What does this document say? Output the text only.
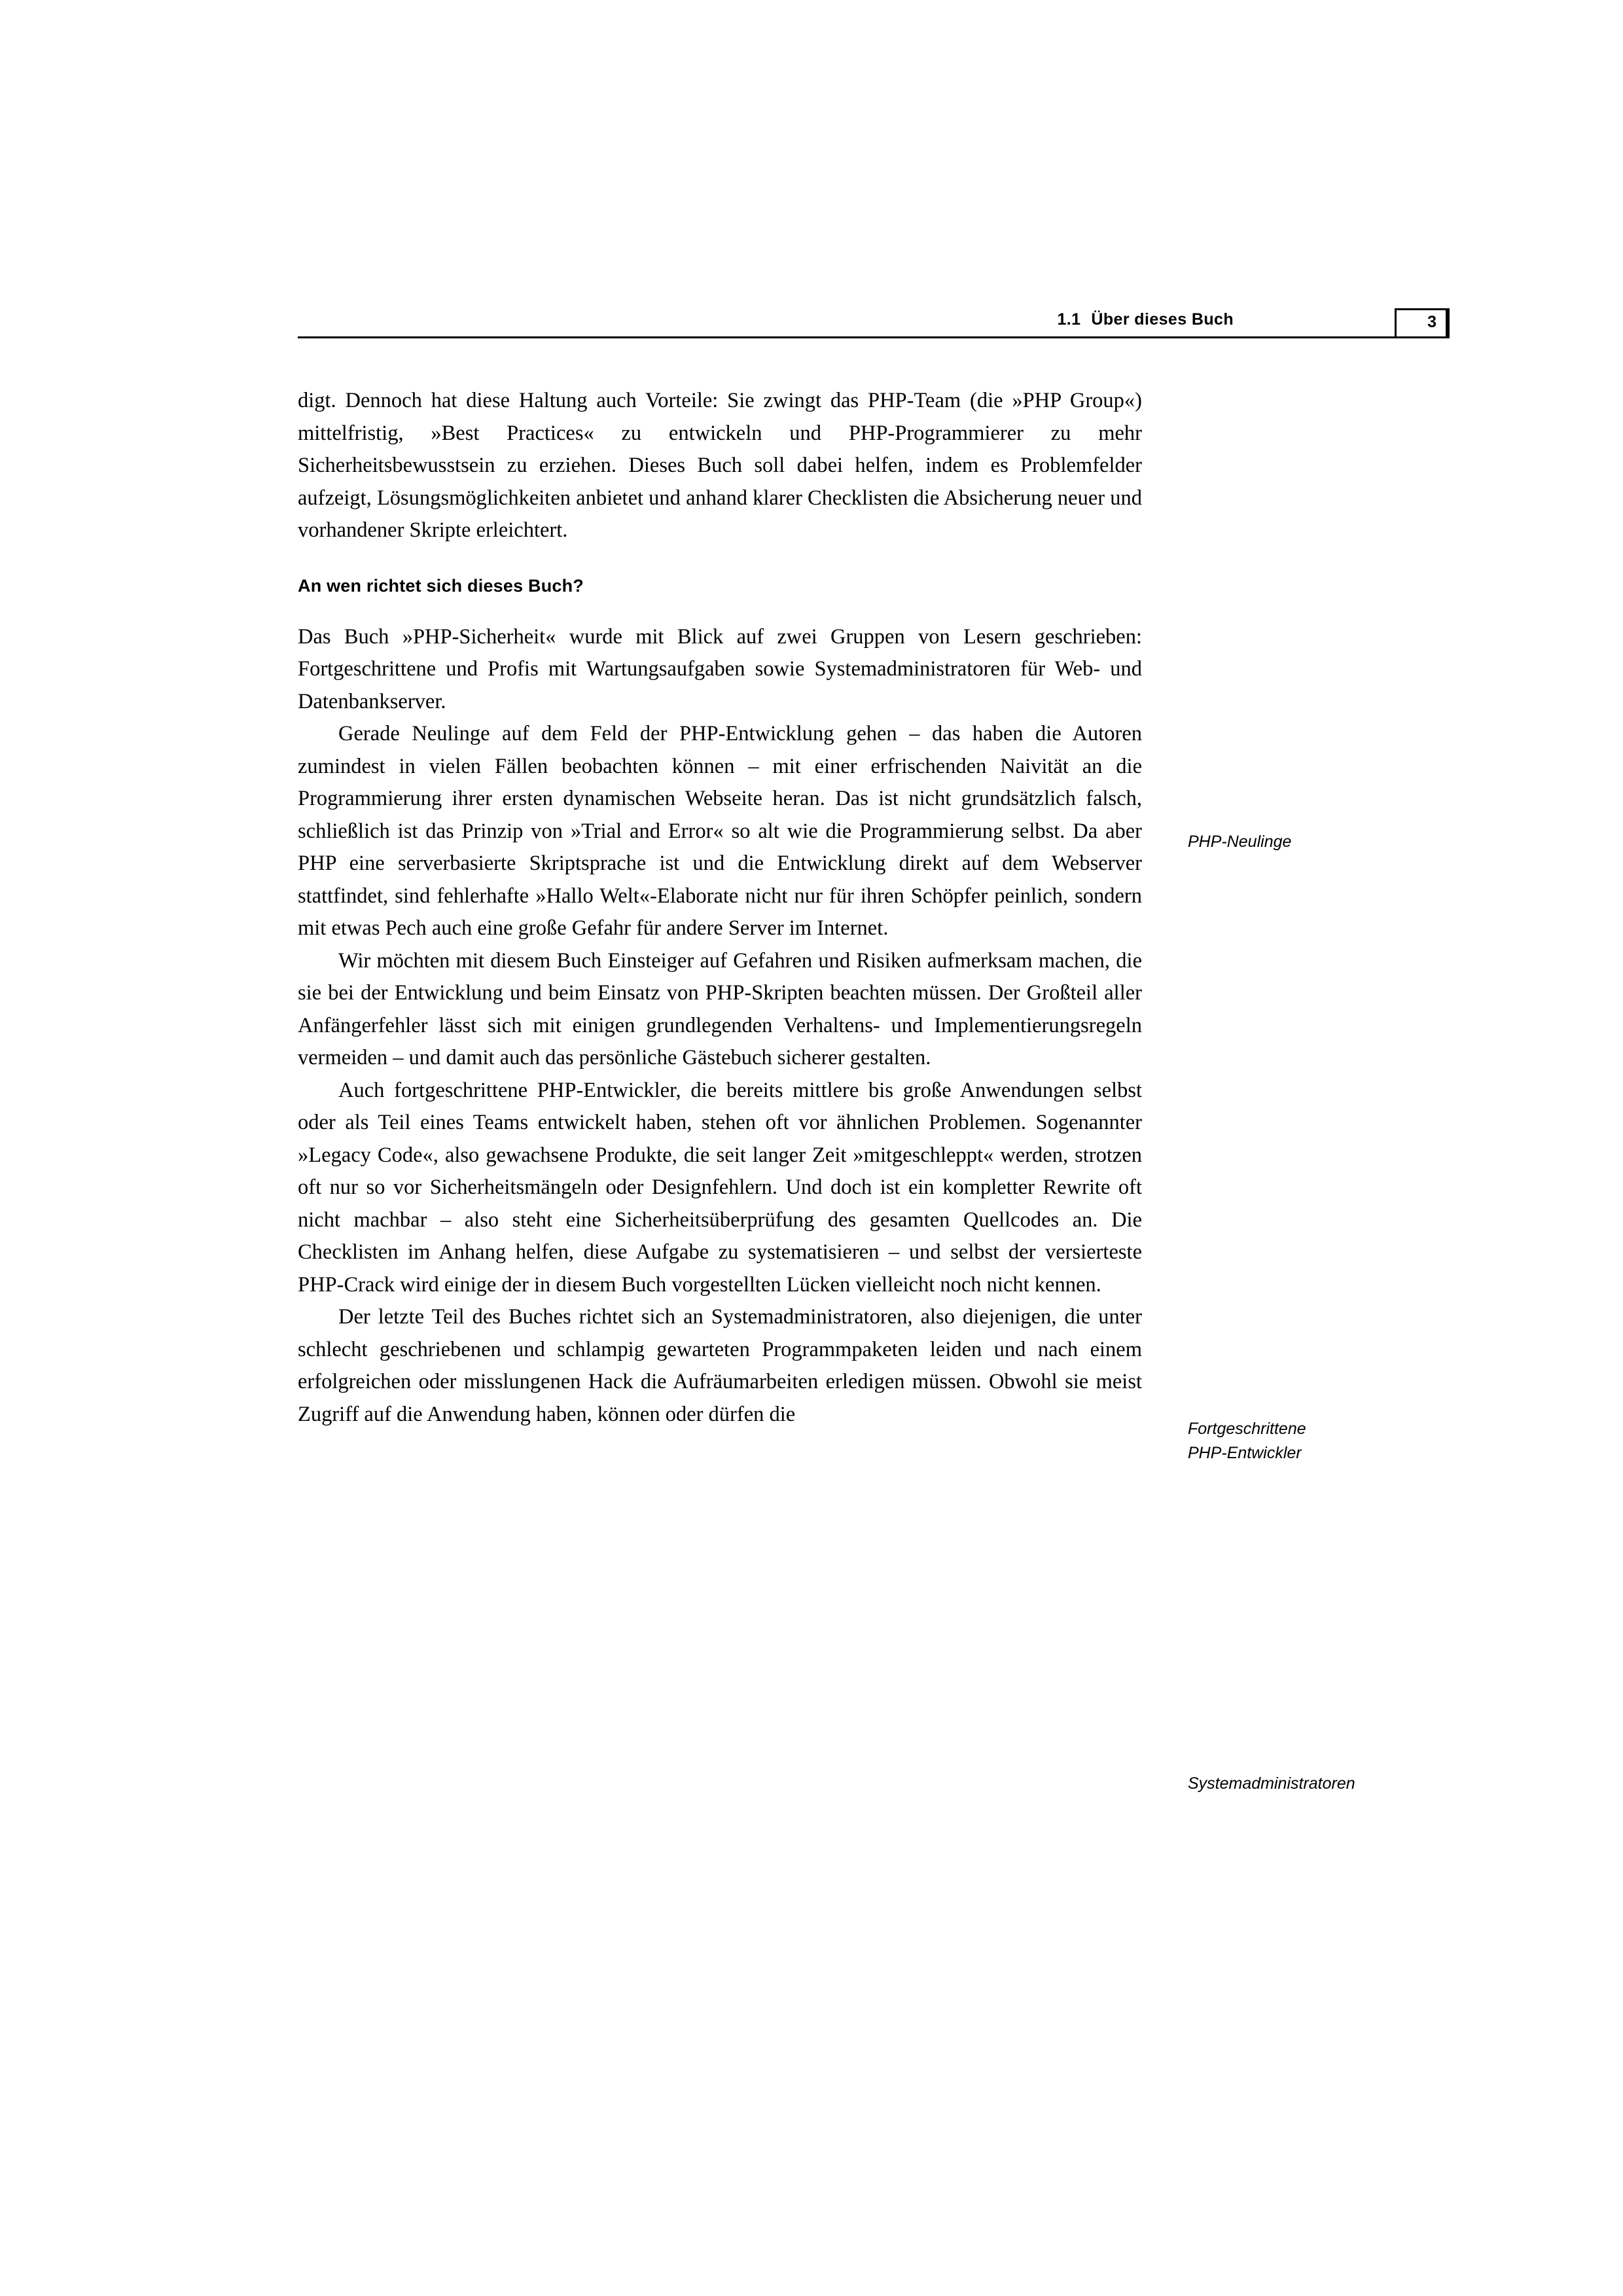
1.1 Über dieses Buch	3

digt. Dennoch hat diese Haltung auch Vorteile: Sie zwingt das PHP-Team (die »PHP Group«) mittelfristig, »Best Practices« zu entwickeln und PHP-Programmierer zu mehr Sicherheitsbewusstsein zu erziehen. Dieses Buch soll dabei helfen, indem es Problemfelder aufzeigt, Lösungsmöglichkeiten anbietet und anhand klarer Checklisten die Absicherung neuer und vorhandener Skripte erleichtert.

An wen richtet sich dieses Buch?

Das Buch »PHP-Sicherheit« wurde mit Blick auf zwei Gruppen von Lesern geschrieben: Fortgeschrittene und Profis mit Wartungsaufgaben sowie Systemadministratoren für Web- und Datenbankserver.

Gerade Neulinge auf dem Feld der PHP-Entwicklung gehen – das haben die Autoren zumindest in vielen Fällen beobachten können – mit einer erfrischenden Naivität an die Programmierung ihrer ersten dynamischen Webseite heran. Das ist nicht grundsätzlich falsch, schließlich ist das Prinzip von »Trial and Error« so alt wie die Programmierung selbst. Da aber PHP eine serverbasierte Skriptsprache ist und die Entwicklung direkt auf dem Webserver stattfindet, sind fehlerhafte »Hallo Welt«-Elaborate nicht nur für ihren Schöpfer peinlich, sondern mit etwas Pech auch eine große Gefahr für andere Server im Internet.

Wir möchten mit diesem Buch Einsteiger auf Gefahren und Risiken aufmerksam machen, die sie bei der Entwicklung und beim Einsatz von PHP-Skripten beachten müssen. Der Großteil aller Anfängerfehler lässt sich mit einigen grundlegenden Verhaltens- und Implementierungsregeln vermeiden – und damit auch das persönliche Gästebuch sicherer gestalten.

Auch fortgeschrittene PHP-Entwickler, die bereits mittlere bis große Anwendungen selbst oder als Teil eines Teams entwickelt haben, stehen oft vor ähnlichen Problemen. Sogenannter »Legacy Code«, also gewachsene Produkte, die seit langer Zeit »mitgeschleppt« werden, strotzen oft nur so vor Sicherheitsmängeln oder Designfehlern. Und doch ist ein kompletter Rewrite oft nicht machbar – also steht eine Sicherheitsüberprüfung des gesamten Quellcodes an. Die Checklisten im Anhang helfen, diese Aufgabe zu systematisieren – und selbst der versierteste PHP-Crack wird einige der in diesem Buch vorgestellten Lücken vielleicht noch nicht kennen.

Der letzte Teil des Buches richtet sich an Systemadministratoren, also diejenigen, die unter schlecht geschriebenen und schlampig gewarteten Programmpaketen leiden und nach einem erfolgreichen oder misslungenen Hack die Aufräumarbeiten erledigen müssen. Obwohl sie meist Zugriff auf die Anwendung haben, können oder dürfen die

PHP-Neulinge
Fortgeschrittene
PHP-Entwickler
Systemadministratoren
